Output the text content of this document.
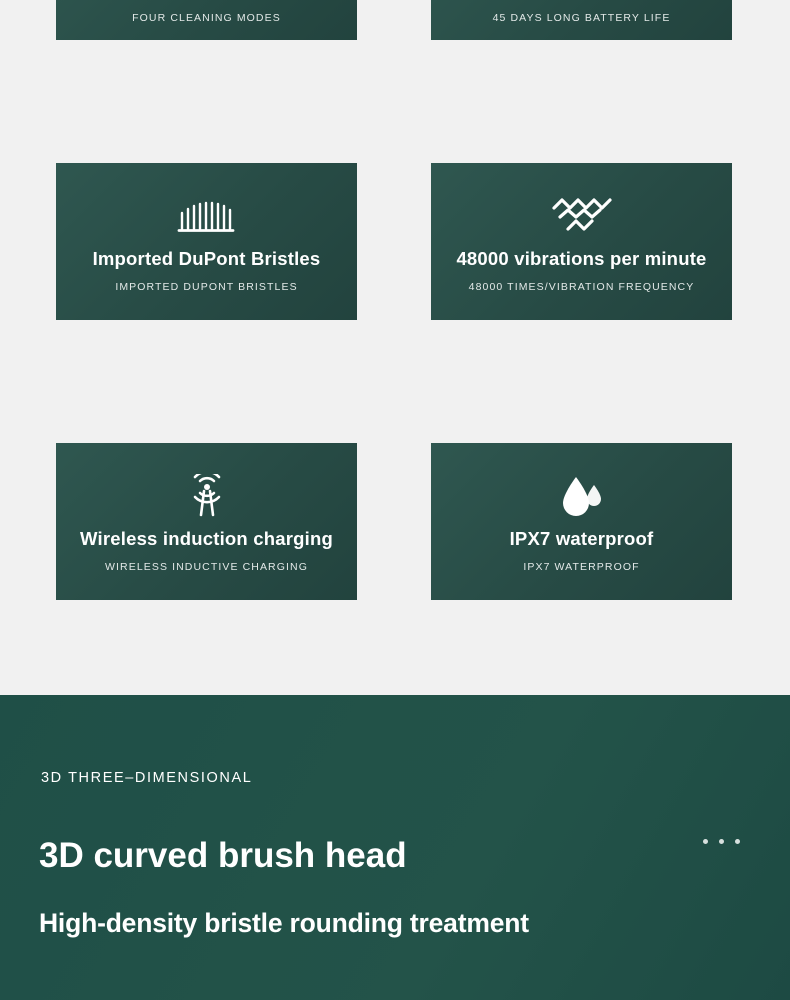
FOUR CLEANING MODES	45 DAYS LONG BATTERY LIFE
Imported DuPont Bristles
IMPORTED DUPONT BRISTLES
48000 vibrations per minute
48000 TIMES/VIBRATION FREQUENCY
Wireless induction charging
WIRELESS INDUCTIVE CHARGING
IPX7 waterproof
IPX7 WATERPROOF
3D THREE–DIMENSIONAL
3D curved brush head
High-density bristle rounding treatment
